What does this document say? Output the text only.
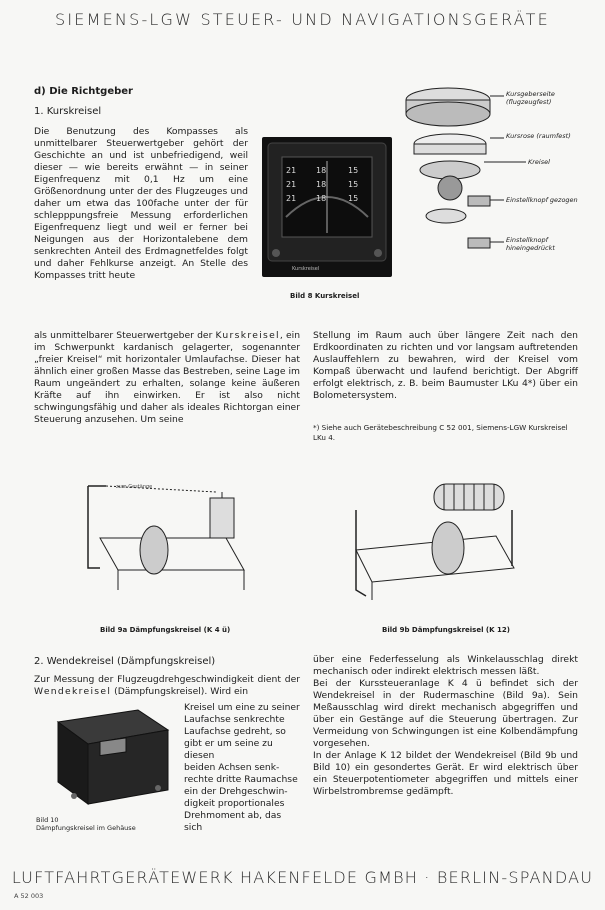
SIEMENS-LGW STEUER- UND NAVIGATIONSGERÄTE
d) Die Richtgeber
1. Kurskreisel

Die Benutzung des Kompasses als unmittelbarer Steuerwertgeber gehört der Geschichte an und ist unbefriedigend, weil dieser — wie bereits erwähnt — in seiner Eigenfrequenz mit 0,1 Hz um eine Größenordnung unter der des Flugzeuges und daher um etwa das 100fache unter der für schlepppungsfreie Messung erforderlichen Eigenfrequenz liegt und weil er ferner bei Neigungen aus der Horizontalebene dem senkrechten Anteil des Erdmagnetfeldes folgt und daher Fehlkurse anzeigt. An Stelle des Kompasses tritt heute

als unmittelbarer Steuerwertgeber der Kurskreisel, ein im Schwerpunkt kardanisch gelagerter, sogenannter „freier Kreisel“ mit horizontaler Umlaufachse. Dieser hat ähnlich einer großen Masse das Bestreben, seine Lage im Raum ungeändert zu erhalten, solange keine äußeren Kräfte auf ihn einwirken. Er ist also nicht schwingungsfähig und daher als ideales Richtorgan einer Steuerung anzusehen. Um seine

Stellung im Raum auch über längere Zeit nach den Erdkoordinaten zu richten und vor langsam auftretenden Auslauffehlern zu bewahren, wird der Kreisel vom Kompaß überwacht und laufend berichtigt. Der Abgriff erfolgt elektrisch, z. B. beim Baumuster LKu 4*) über ein Bolometersystem.
*) Siehe auch Gerätebeschreibung C 52 001, Siemens-LGW Kurskreisel LKu 4.
21 18	15
21 18	15
21 18	15
Kurskreisel
Bild 8 Kurskreisel
Kursgeberseite (flugzeugfest)
Kursrose (raumfest)
Kreisel
Einstellknopf gezogen
Einstellknopf hineingedrückt
zum Gestänge
Bild 9a Dämpfungskreisel (K 4 ü)	Bild 9b Dämpfungskreisel (K 12)
2. Wendekreisel (Dämpfungskreisel)

Zur Messung der Flugzeugdrehgeschwindigkeit dient der Wendekreisel (Dämpfungskreisel). Wird ein

Bild 10
Dämpfungskreisel im Gehäuse
Kreisel um eine zu seiner
Laufachse senkrechte
Laufachse gedreht, so
gibt er um seine zu diesen
beiden Achsen senk-
rechte dritte Raumachse
ein der Drehgeschwin-
digkeit proportionales
Drehmoment ab, das sich

über eine Federfesselung als Winkelausschlag direkt mechanisch oder indirekt elektrisch messen läßt.

Bei der Kurssteueranlage K 4 ü befindet sich der Wendekreisel in der Rudermaschine (Bild 9a). Sein Meßausschlag wird direkt mechanisch abgegriffen und über ein Gestänge auf die Steuerung übertragen. Zur Vermeidung von Schwingungen ist eine Kolbendämpfung vorgesehen.

In der Anlage K 12 bildet der Wendekreisel (Bild 9b und Bild 10) ein gesondertes Gerät. Er wird elektrisch über ein Steuerpotentiometer abgegriffen und mittels einer Wirbelstrombremse gedämpft.

LUFTFAHRTGERÄTEWERK HAKENFELDE GMBH · BERLIN-SPANDAU
A 52 003
